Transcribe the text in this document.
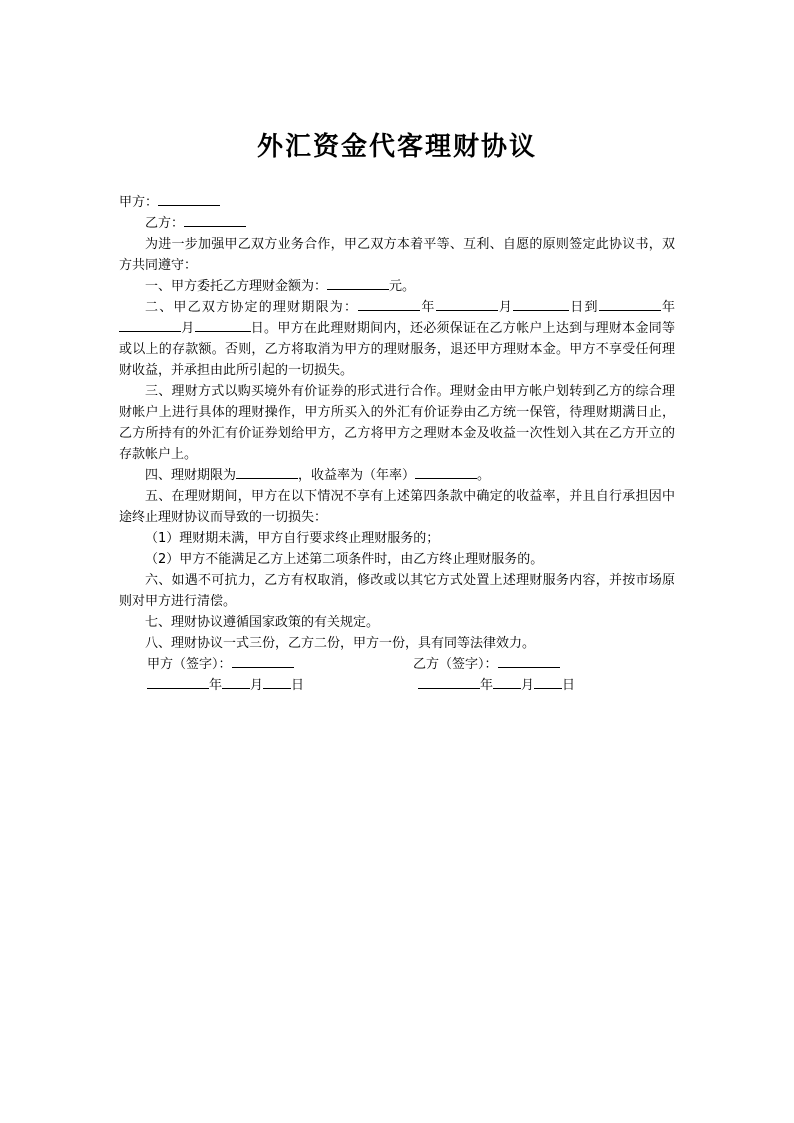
外汇资金代客理财协议

甲方：

乙方：

为进一步加强甲乙双方业务合作，甲乙双方本着平等、互利、自愿的原则签定此协议书，双方共同遵守：

一、甲方委托乙方理财金额为：	元。

二、甲乙双方协定的理财期限为：	年	月	日到	年 月	日。甲方在此理财期间内，还必须保证在乙方帐户上达到与理财本金同等或以上的存款额。否则，乙方将取消为甲方的理财服务，退还甲方理财本金。甲方不享受任何理财收益，并承担由此所引起的一切损失。

三、理财方式以购买境外有价证券的形式进行合作。理财金由甲方帐户划转到乙方的综合理财帐户上进行具体的理财操作，甲方所买入的外汇有价证券由乙方统一保管，待理财期满日止，乙方所持有的外汇有价证券划给甲方，乙方将甲方之理财本金及收益一次性划入其在乙方开立的存款帐户上。

四、理财期限为	，收益率为（年率）	。

五、在理财期间，甲方在以下情况不享有上述第四条款中确定的收益率，并且自行承担因中途终止理财协议而导致的一切损失：

（1）理财期未满，甲方自行要求终止理财服务的；

（2）甲方不能满足乙方上述第二项条件时，由乙方终止理财服务的。

六、如遇不可抗力，乙方有权取消，修改或以其它方式处置上述理财服务内容，并按市场原则对甲方进行清偿。

七、理财协议遵循国家政策的有关规定。

八、理财协议一式三份，乙方二份，甲方一份，具有同等法律效力。

甲方（签字）：	乙方（签字）：
年 月 日	年 月 日
